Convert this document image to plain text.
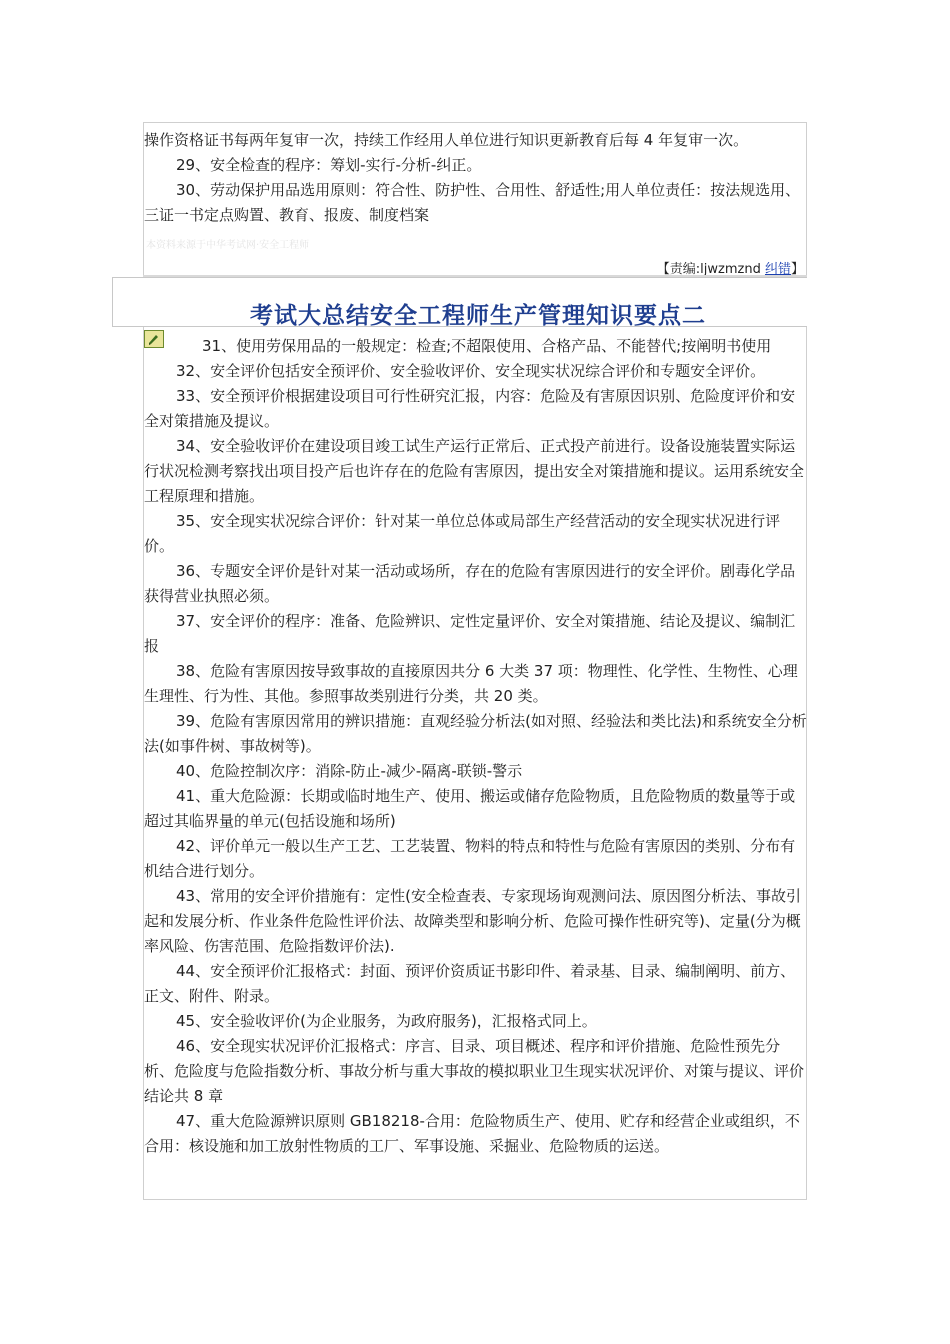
操作资格证书每两年复审一次，持续工作经用人单位进行知识更新教育后每 4 年复审一次。

29、安全检查的程序：筹划-实行-分析-纠正。

30、劳动保护用品选用原则：符合性、防护性、合用性、舒适性;用人单位责任：按法规选用、三证一书定点购置、教育、报废、制度档案

本资料来源于中华考试网·安全工程师
【责编:ljwzmznd 纠错】
考试大总结安全工程师生产管理知识要点二

31、使用劳保用品的一般规定：检查;不超限使用、合格产品、不能替代;按阐明书使用

32、安全评价包括安全预评价、安全验收评价、安全现实状况综合评价和专题安全评价。

33、安全预评价根据建设项目可行性研究汇报，内容：危险及有害原因识别、危险度评价和安全对策措施及提议。

34、安全验收评价在建设项目竣工试生产运行正常后、正式投产前进行。设备设施装置实际运行状况检测考察找出项目投产后也许存在的危险有害原因，提出安全对策措施和提议。运用系统安全工程原理和措施。

35、安全现实状况综合评价：针对某一单位总体或局部生产经营活动的安全现实状况进行评价。

36、专题安全评价是针对某一活动或场所，存在的危险有害原因进行的安全评价。剧毒化学品获得营业执照必须。

37、安全评价的程序：准备、危险辨识、定性定量评价、安全对策措施、结论及提议、编制汇报

38、危险有害原因按导致事故的直接原因共分 6 大类 37 项：物理性、化学性、生物性、心理生理性、行为性、其他。参照事故类别进行分类，共 20 类。

39、危险有害原因常用的辨识措施：直观经验分析法(如对照、经验法和类比法)和系统安全分析法(如事件树、事故树等)。

40、危险控制次序：消除-防止-减少-隔离-联锁-警示

41、重大危险源：长期或临时地生产、使用、搬运或储存危险物质，且危险物质的数量等于或超过其临界量的单元(包括设施和场所)

42、评价单元一般以生产工艺、工艺装置、物料的特点和特性与危险有害原因的类别、分布有机结合进行划分。

43、常用的安全评价措施有：定性(安全检查表、专家现场询观测问法、原因图分析法、事故引起和发展分析、作业条件危险性评价法、故障类型和影响分析、危险可操作性研究等)、定量(分为概率风险、伤害范围、危险指数评价法).

44、安全预评价汇报格式：封面、预评价资质证书影印件、着录基、目录、编制阐明、前方、正文、附件、附录。

45、安全验收评价(为企业服务，为政府服务)，汇报格式同上。

46、安全现实状况评价汇报格式：序言、目录、项目概述、程序和评价措施、危险性预先分析、危险度与危险指数分析、事故分析与重大事故的模拟职业卫生现实状况评价、对策与提议、评价结论共 8 章

47、重大危险源辨识原则 GB18218-合用：危险物质生产、使用、贮存和经营企业或组织，不合用：核设施和加工放射性物质的工厂、军事设施、采掘业、危险物质的运送。
